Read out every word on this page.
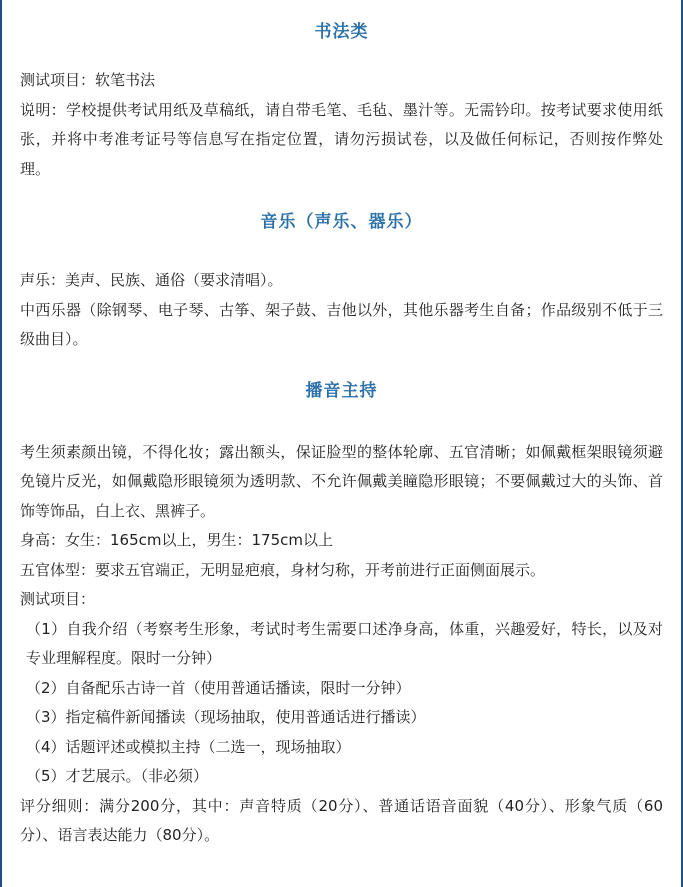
书法类

测试项目：软笔书法

说明：学校提供考试用纸及草稿纸，请自带毛笔、毛毡、墨汁等。无需钤印。按考试要求使用纸张，并将中考准考证号等信息写在指定位置，请勿污损试卷，以及做任何标记，否则按作弊处理。

音乐（声乐、器乐）

声乐：美声、民族、通俗（要求清唱）。

中西乐器（除钢琴、电子琴、古筝、架子鼓、吉他以外，其他乐器考生自备；作品级别不低于三级曲目）。

播音主持

考生须素颜出镜，不得化妆；露出额头，保证脸型的整体轮廓、五官清晰；如佩戴框架眼镜须避免镜片反光，如佩戴隐形眼镜须为透明款、不允许佩戴美瞳隐形眼镜；不要佩戴过大的头饰、首饰等饰品，白上衣、黑裤子。

身高：女生：165cm以上，男生：175cm以上

五官体型：要求五官端正，无明显疤痕，身材匀称，开考前进行正面侧面展示。

测试项目：

（1）自我介绍（考察考生形象，考试时考生需要口述净身高，体重，兴趣爱好，特长，以及对专业理解程度。限时一分钟）

（2）自备配乐古诗一首（使用普通话播读，限时一分钟）

（3）指定稿件新闻播读（现场抽取，使用普通话进行播读）

（4）话题评述或模拟主持（二选一，现场抽取）

（5）才艺展示。（非必须）

评分细则：满分200分，其中：声音特质（20分）、普通话语音面貌（40分）、形象气质（60分）、语言表达能力（80分）。
